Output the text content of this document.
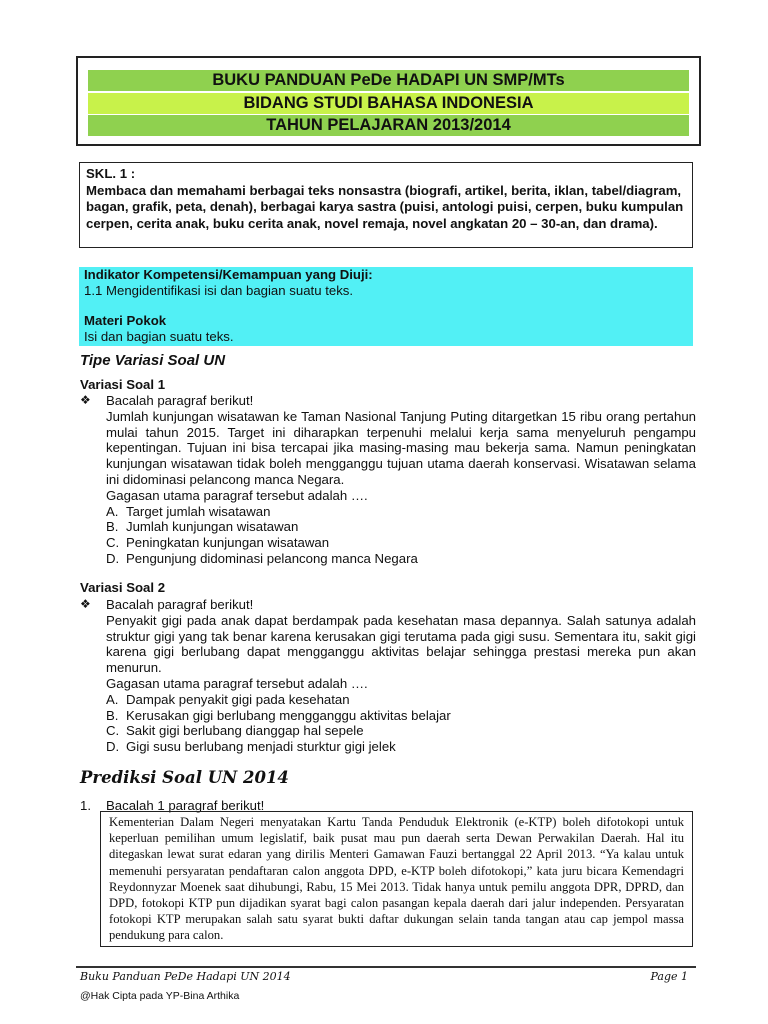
BUKU PANDUAN PeDe HADAPI UN SMP/MTs
BIDANG STUDI BAHASA INDONESIA
TAHUN PELAJARAN 2013/2014
SKL. 1 :
Membaca dan memahami berbagai teks nonsastra (biografi, artikel, berita, iklan, tabel/diagram, bagan, grafik, peta, denah), berbagai karya sastra (puisi, antologi puisi, cerpen, buku kumpulan cerpen, cerita anak, buku cerita anak, novel remaja, novel angkatan 20 – 30-an, dan drama).
Indikator Kompetensi/Kemampuan yang Diuji:
1.1 Mengidentifikasi isi dan bagian suatu teks.
Materi Pokok
Isi dan bagian suatu teks.
Tipe Variasi Soal UN
Variasi Soal 1
❖	Bacalah paragraf berikut!
Jumlah kunjungan wisatawan ke Taman Nasional Tanjung Puting ditargetkan 15 ribu orang pertahun mulai tahun 2015. Target ini diharapkan terpenuhi melalui kerja sama menyeluruh pengampu kepentingan. Tujuan ini bisa tercapai jika masing-masing mau bekerja sama. Namun peningkatan kunjungan wisatawan tidak boleh mengganggu tujuan utama daerah konservasi. Wisatawan selama ini didominasi pelancong manca Negara.
Gagasan utama paragraf tersebut adalah ….
A. Target jumlah wisatawan
B. Jumlah kunjungan wisatawan
C. Peningkatan kunjungan wisatawan
D. Pengunjung didominasi pelancong manca Negara
Variasi Soal 2
❖	Bacalah paragraf berikut!
Penyakit gigi pada anak dapat berdampak pada kesehatan masa depannya. Salah satunya adalah struktur gigi yang tak benar karena kerusakan gigi terutama pada gigi susu. Sementara itu, sakit gigi karena gigi berlubang dapat mengganggu aktivitas belajar sehingga prestasi mereka pun akan menurun.
Gagasan utama paragraf tersebut adalah ….
A. Dampak penyakit gigi pada kesehatan
B. Kerusakan gigi berlubang mengganggu aktivitas belajar
C. Sakit gigi berlubang dianggap hal sepele
D. Gigi susu berlubang menjadi sturktur gigi jelek
Prediksi Soal UN 2014
1. Bacalah 1 paragraf berikut!
Kementerian Dalam Negeri menyatakan Kartu Tanda Penduduk Elektronik (e-KTP) boleh difotokopi untuk keperluan pemilihan umum legislatif, baik pusat mau pun daerah serta Dewan Perwakilan Daerah. Hal itu ditegaskan lewat surat edaran yang dirilis Menteri Gamawan Fauzi bertanggal 22 April 2013. “Ya kalau untuk memenuhi persyaratan pendaftaran calon anggota DPD, e-KTP boleh difotokopi,” kata juru bicara Kemendagri Reydonnyzar Moenek saat dihubungi, Rabu, 15 Mei 2013. Tidak hanya untuk pemilu anggota DPR, DPRD, dan DPD, fotokopi KTP pun dijadikan syarat bagi calon pasangan kepala daerah dari jalur independen. Persyaratan fotokopi KTP merupakan salah satu syarat bukti daftar dukungan selain tanda tangan atau cap jempol massa pendukung para calon.
Buku Panduan PeDe Hadapi UN 2014	Page 1
@Hak Cipta pada YP-Bina Arthika
